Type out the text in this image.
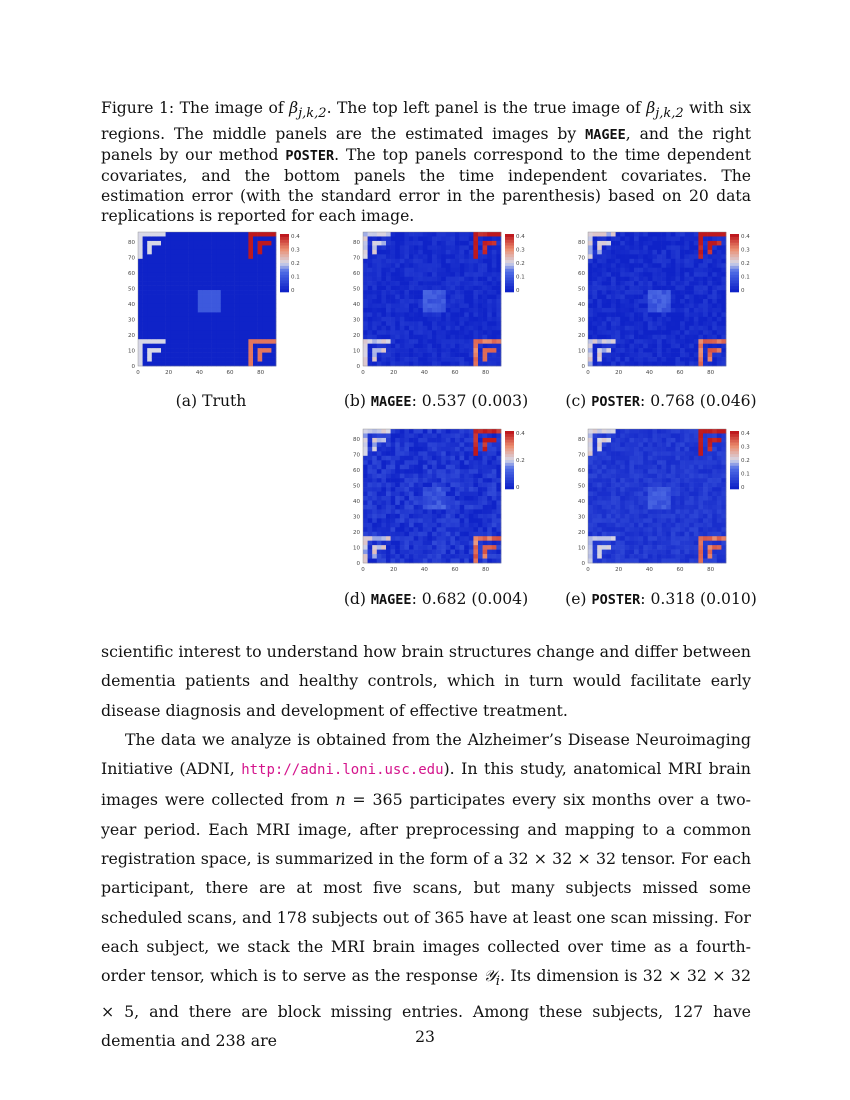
Figure 1: The image of $\beta_{j,k,2}$. The top left panel is the true image of $\beta_{j,k,2}$ with six regions. The middle panels are the estimated images by MAGEE, and the right panels by our method POSTER. The top panels correspond to the time dependent covariates, and the bottom panels the time independent covariates. The estimation error (with the standard error in the parenthesis) based on 20 data replications is reported for each image.
80
70
60
50
40
30
20
10
0
0	20	40	60	80
0.4
0.3
0.2
0.1
0
80
70
60
50
40
30
20
10
0
0	20	40	60	80
0.4
0.3
0.2
0.1
0
80
70
60
50
40
30
20
10
0
0	20	40	60	80
0.4
0.3
0.2
0.1
0
80
70
60
50
40
30
20
10
0
0	20	40	60	80
0.4
0.2
0
80
70
60
50
40
30
20
10
0
0	20	40	60	80
0.4
0.3
0.2
0.1
0
(a) Truth	(b) MAGEE: 0.537 (0.003)	(c) POSTER: 0.768 (0.046)
(d) MAGEE: 0.682 (0.004)	(e) POSTER: 0.318 (0.010)

scientific interest to understand how brain structures change and differ between dementia patients and healthy controls, which in turn would facilitate early disease diagnosis and development of effective treatment.

The data we analyze is obtained from the Alzheimer’s Disease Neuroimaging Initiative (ADNI, http://adni.loni.usc.edu). In this study, anatomical MRI brain images were collected from n = 365 participates every six months over a two-year period. Each MRI image, after preprocessing and mapping to a common registration space, is summarized in the form of a 32 × 32 × 32 tensor. For each participant, there are at most five scans, but many subjects missed some scheduled scans, and 178 subjects out of 365 have at least one scan missing. For each subject, we stack the MRI brain images collected over time as a fourth-order tensor, which is to serve as the response 𝒴$_i$. Its dimension is 32 × 32 × 32 × 5, and there are block missing entries. Among these subjects, 127 have dementia and 238 are	23
